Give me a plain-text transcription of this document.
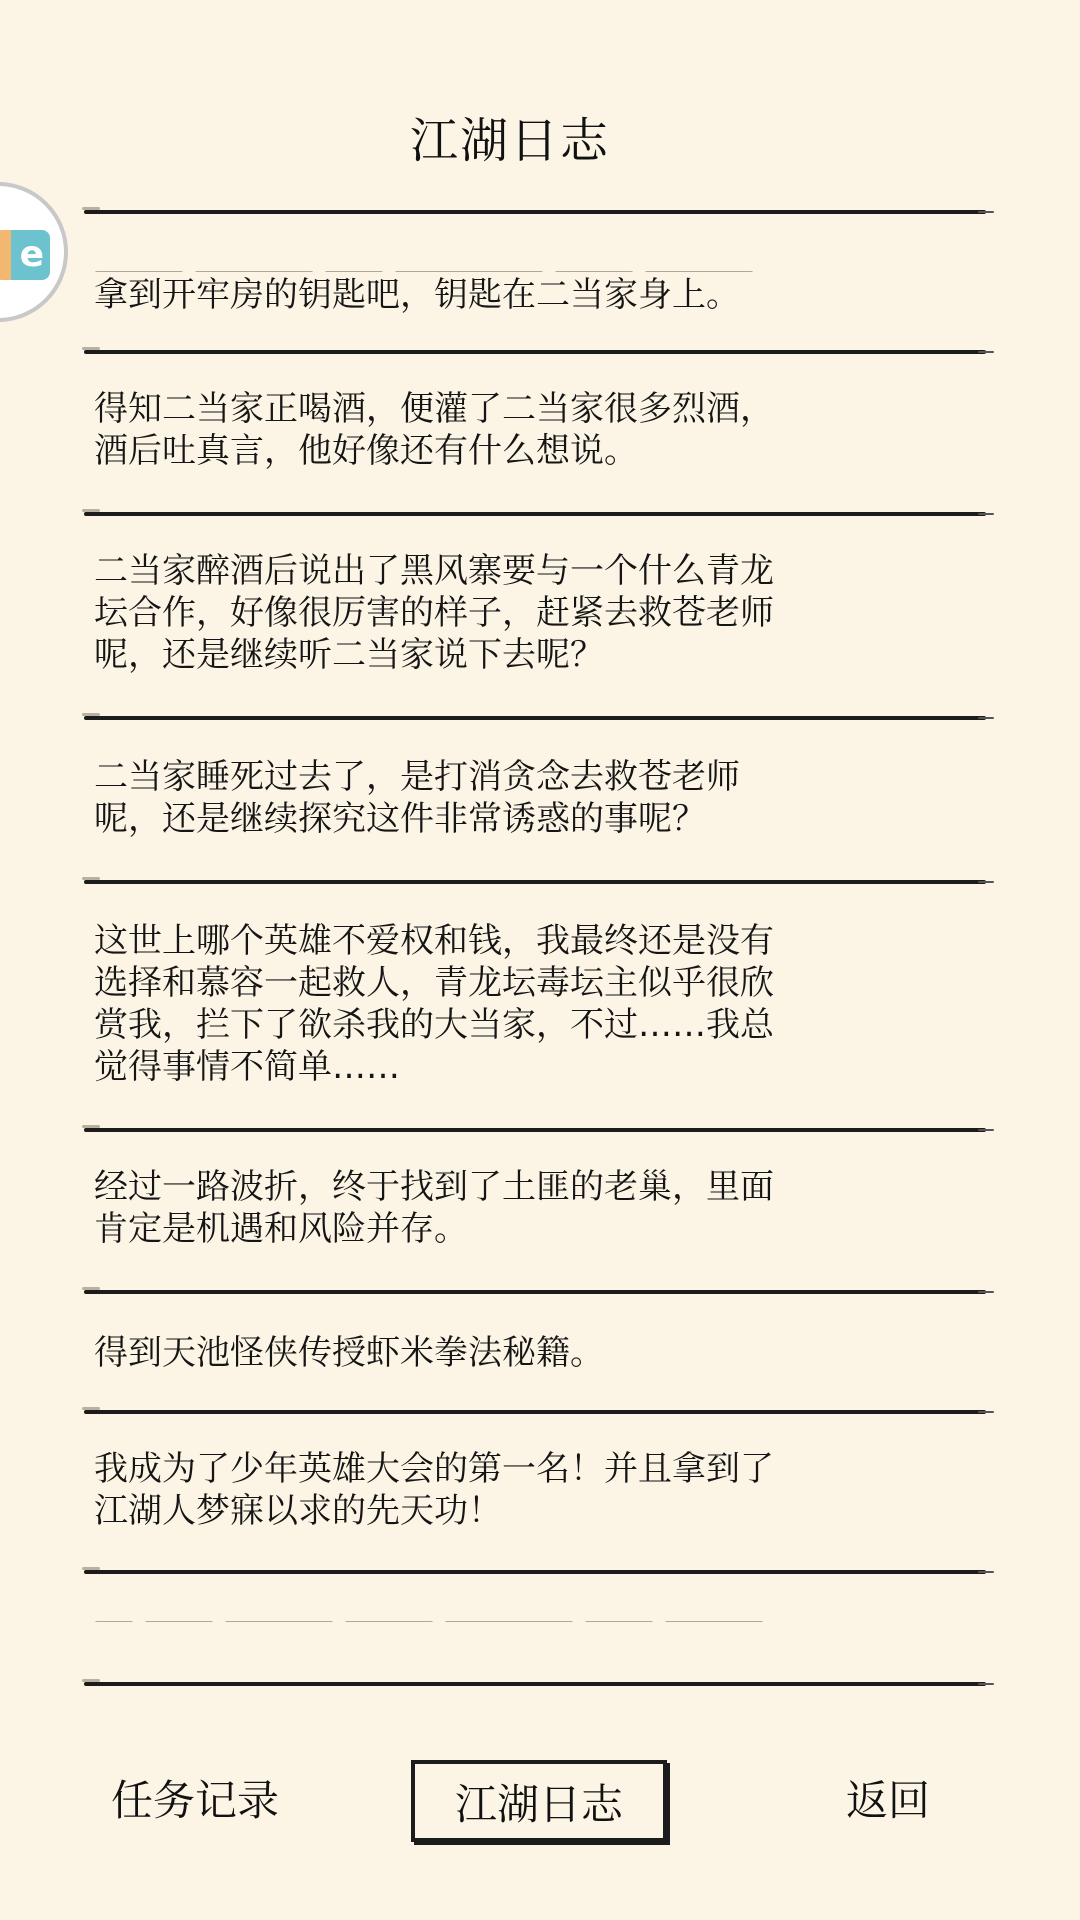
江湖日志
e
拿到开牢房的钥匙吧，钥匙在二当家身上。
得知二当家正喝酒，便灌了二当家很多烈酒，
酒后吐真言，他好像还有什么想说。
二当家醉酒后说出了黑风寨要与一个什么青龙
坛合作，好像很厉害的样子，赶紧去救苍老师
呢，还是继续听二当家说下去呢？
二当家睡死过去了，是打消贪念去救苍老师
呢，还是继续探究这件非常诱惑的事呢？
这世上哪个英雄不爱权和钱，我最终还是没有
选择和慕容一起救人，青龙坛毒坛主似乎很欣
赏我，拦下了欲杀我的大当家，不过……我总
觉得事情不简单……
经过一路波折，终于找到了土匪的老巢，里面
肯定是机遇和风险并存。
得到天池怪侠传授虾米拳法秘籍。
我成为了少年英雄大会的第一名！并且拿到了
江湖人梦寐以求的先天功！
任务记录	江湖日志	返回
